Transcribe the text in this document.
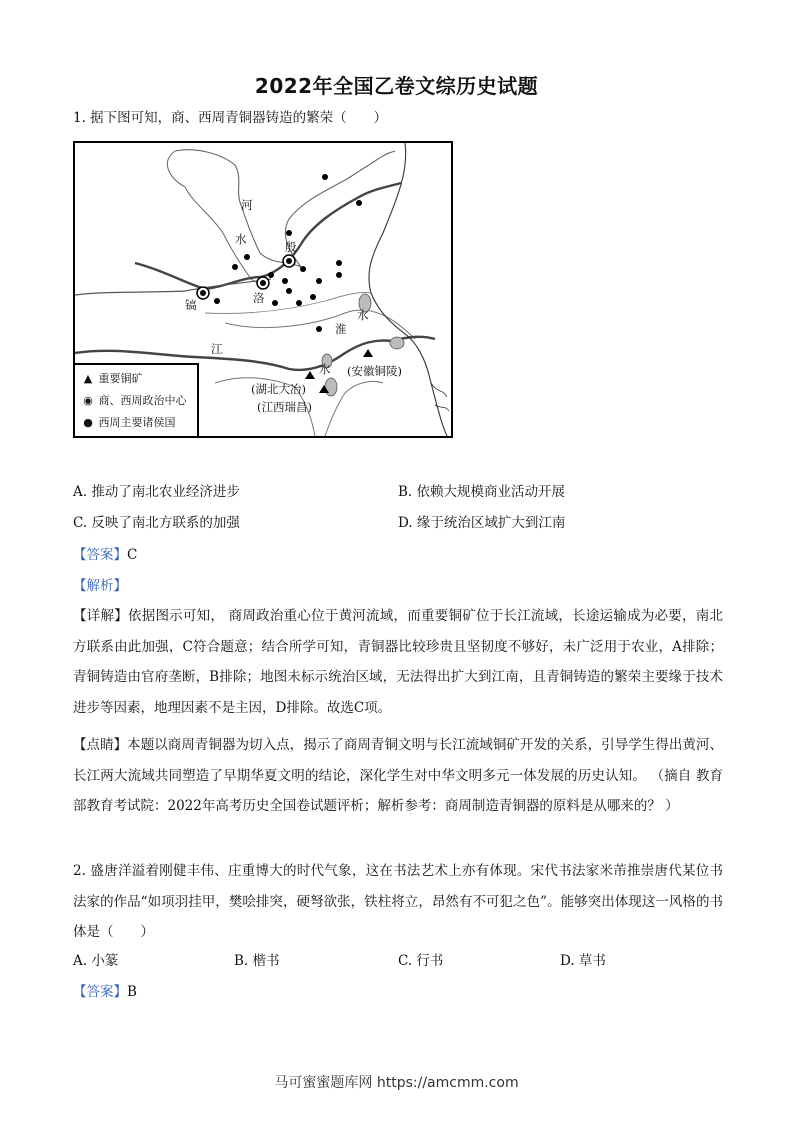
2022年全国乙卷文综历史试题
1. 据下图可知，商、西周青铜器铸造的繁荣（　　）
河
水
殷
镐	洛
淮
水
江
水
(湖北大冶)
(安徽铜陵)
(江西瑞昌)
▲ 重要铜矿
◉ 商、西周政治中心
● 西周主要诸侯国
A. 推动了南北农业经济进步	B. 依赖大规模商业活动开展
C. 反映了南北方联系的加强	D. 缘于统治区域扩大到江南
【答案】C
【解析】
【详解】依据图示可知， 商周政治重心位于黄河流域，而重要铜矿位于长江流域，长途运输成为必要，南北方联系由此加强，C符合题意；结合所学可知，青铜器比较珍贵且坚韧度不够好，未广泛用于农业，A排除；青铜铸造由官府垄断，B排除；地图未标示统治区域，无法得出扩大到江南，且青铜铸造的繁荣主要缘于技术进步等因素，地理因素不是主因，D排除。故选C项。
【点睛】本题以商周青铜器为切入点，揭示了商周青铜文明与长江流域铜矿开发的关系，引导学生得出黄河、长江两大流域共同塑造了早期华夏文明的结论，深化学生对中华文明多元一体发展的历史认知。 （摘自 教育部教育考试院：2022年高考历史全国卷试题评析；解析参考：商周制造青铜器的原料是从哪来的？ ）
2. 盛唐洋溢着刚健丰伟、庄重博大的时代气象，这在书法艺术上亦有体现。宋代书法家米芾推崇唐代某位书法家的作品“如项羽挂甲，樊哙排突，硬弩欲张，铁柱将立，昂然有不可犯之色”。能够突出体现这一风格的书体是（　　）
A. 小篆	B. 楷书	C. 行书	D. 草书
【答案】B
马可蜜蜜题库网 https://amcmm.com
